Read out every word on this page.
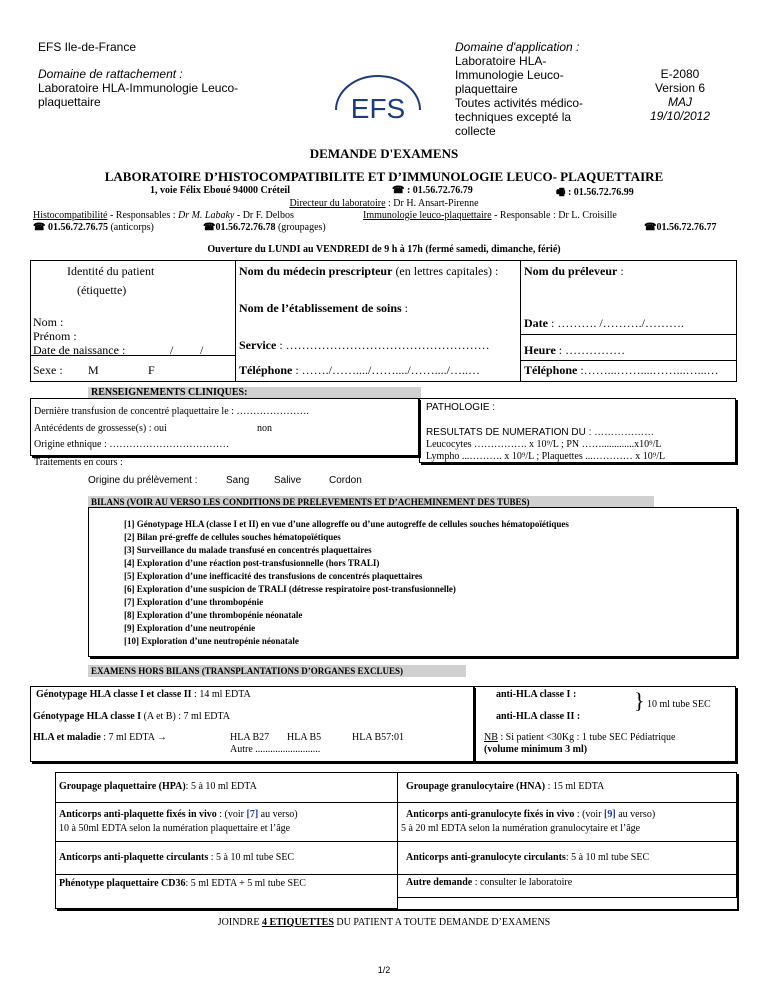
EFS Ile-de-France
Domaine de rattachement :
Laboratoire HLA-Immunologie Leuco-plaquettaire	EFS
Domaine d'application :
Laboratoire HLA-
Immunologie Leuco-
plaquettaire
Toutes activités médico-
techniques excepté la
collecte
E-2080
Version 6
MAJ
19/10/2012
DEMANDE D'EXAMENS
LABORATOIRE D’HISTOCOMPATIBILITE ET D’IMMUNOLOGIE LEUCO- PLAQUETTAIRE
1, voie Félix Eboué 94000 Créteil	☎ : 01.56.72.76.79	🖷 : 01.56.72.76.99
Directeur du laboratoire : Dr H. Ansart-Pirenne
Histocompatibilité - Responsables : Dr M. Labaky - Dr F. Delbos	Immunologie leuco-plaquettaire - Responsable : Dr L. Croisille
☎ 01.56.72.76.75 (anticorps)	☎01.56.72.76.78 (groupages)	☎01.56.72.76.77
Ouverture du LUNDI au VENDREDI de 9 h à 17h (fermé samedi, dimanche, férié)
Identité du patient
(étiquette)
Nom :
Prénom :
Date de naissance :	/ /
Sexe : M	F
Nom du médecin prescripteur (en lettres capitales) :
Nom de l’établissement de soins :
Service : ……………………………………………
Téléphone : ……./……..../……..../……..../…..…
Nom du préleveur :
Date : ………. /………./……….
Heure : ……………
Téléphone :……...……....……...…...…
RENSEIGNEMENTS CLINIQUES:
Dernière transfusion de concentré plaquettaire le : ………………….
Antécédents de grossesse(s) : oui	non
Origine ethnique : ………………………………
Traitements en cours :
PATHOLOGIE :
RESULTATS DE NUMERATION DU : ………………
Leucocytes ……………. x 10⁹/L ; PN …….............x10⁹/L
Lympho ...………. x 10⁹/L ; Plaquettes ...………… x 10⁹/L
Origine du prélèvement :	Sang Salive	Cordon
BILANS (VOIR AU VERSO LES CONDITIONS DE PRELEVEMENTS ET D’ACHEMINEMENT DES TUBES)
[1] Génotypage HLA (classe I et II) en vue d’une allogreffe ou d’une autogreffe de cellules souches hématopoïétiques
[2] Bilan pré-greffe de cellules souches hématopoïétiques
[3] Surveillance du malade transfusé en concentrés plaquettaires
[4] Exploration d’une réaction post-transfusionnelle (hors TRALI)
[5] Exploration d’une inefficacité des transfusions de concentrés plaquettaires
[6] Exploration d’une suspicion de TRALI (détresse respiratoire post-transfusionnelle)
[7] Exploration d’une thrombopénie
[8] Exploration d’une thrombopénie néonatale
[9] Exploration d’une neutropénie
[10] Exploration d’une neutropénie néonatale
EXAMENS HORS BILANS (TRANSPLANTATIONS D’ORGANES EXCLUES)
Génotypage HLA classe I et classe II : 14 ml EDTA
Génotypage HLA classe I (A et B) : 7 ml EDTA
HLA et maladie : 7 ml EDTA →	HLA B27 HLA B5	HLA B57:01
Autre ..........................
anti-HLA classe I :
anti-HLA classe II :
} 10 ml tube SEC
NB : Si patient <30Kg : 1 tube SEC Pédiatrique
(volume minimum 3 ml)
Groupage plaquettaire (HPA): 5 à 10 ml EDTA	Groupage granulocytaire (HNA) : 15 ml EDTA
Anticorps anti-plaquette fixés in vivo : (voir [7] au verso)
10 à 50ml EDTA selon la numération plaquettaire et l’âge
Anticorps anti-granulocyte fixés in vivo : (voir [9] au verso)
5 à 20 ml EDTA selon la numération granulocytaire et l’âge
Anticorps anti-plaquette circulants : 5 à 10 ml tube SEC	Anticorps anti-granulocyte circulants: 5 à 10 ml tube SEC
Phénotype plaquettaire CD36: 5 ml EDTA + 5 ml tube SEC	Autre demande : consulter le laboratoire
JOINDRE 4 ETIQUETTES DU PATIENT A TOUTE DEMANDE D’EXAMENS
1/2
